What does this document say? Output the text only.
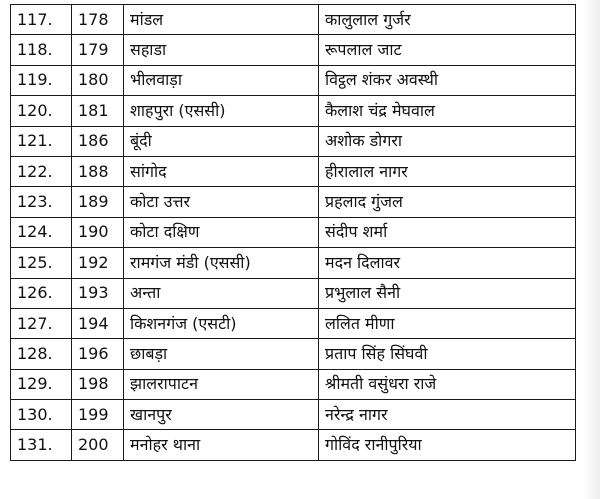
117.	178	मांडल	कालुलाल गुर्जर
118.	179	सहाडा	रूपलाल जाट
119.	180	भीलवाड़ा	विट्ठल शंकर अवस्थी
120.	181	शाहपुरा (एससी)	कैलाश चंद्र मेघवाल
121.	186	बूंदी	अशोक डोगरा
122.	188	सांगोद	हीरालाल नागर
123.	189	कोटा उत्तर	प्रहलाद गुंजल
124.	190	कोटा दक्षिण	संदीप शर्मा
125.	192	रामगंज मंडी (एससी)	मदन दिलावर
126.	193	अन्ता	प्रभुलाल सैनी
127.	194	किशनगंज (एसटी)	ललित मीणा
128.	196	छाबड़ा	प्रताप सिंह सिंघवी
129.	198	झालरापाटन	श्रीमती वसुंधरा राजे
130.	199	खानपुर	नरेन्द्र नागर
131.	200	मनोहर थाना	गोविंद रानीपुरिया
